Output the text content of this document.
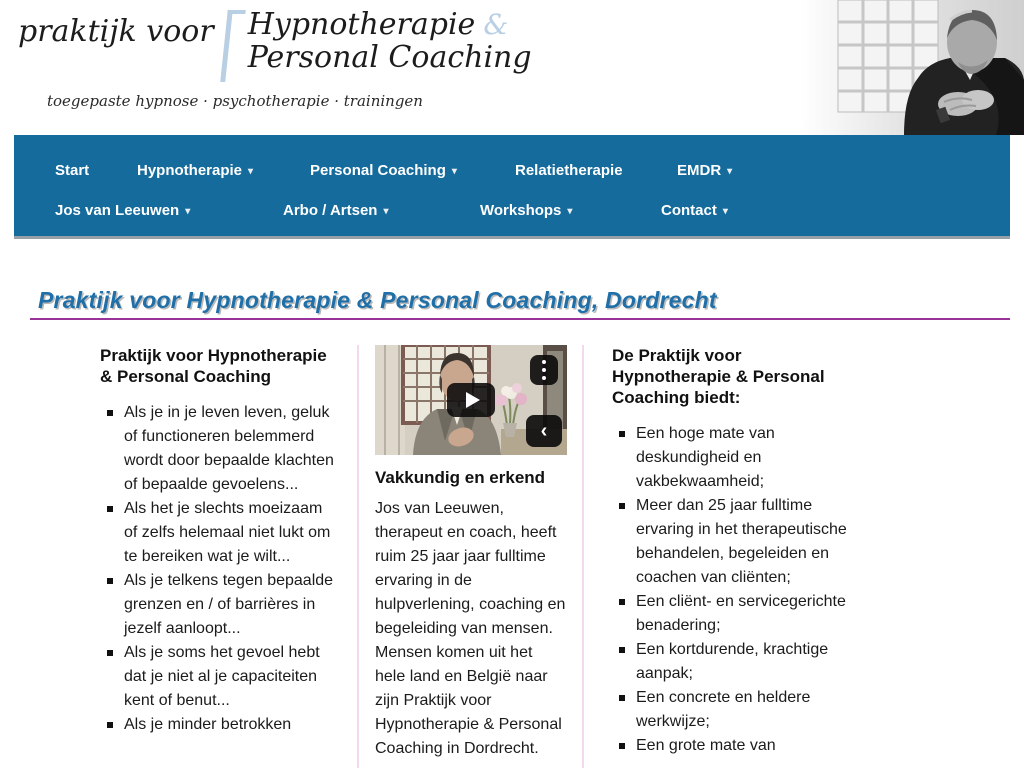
praktijk voor Hypnotherapie &
Personal Coaching
toegepaste hypnose · psychotherapie · trainingen
Start	Hypnotherapie ▾	Personal Coaching ▾	Relatietherapie	EMDR ▾
Jos van Leeuwen ▾	Arbo / Artsen ▾	Workshops ▾	Contact ▾
Praktijk voor Hypnotherapie & Personal Coaching, Dordrecht
Praktijk voor Hypnotherapie & Personal Coaching
Als je in je leven leven, geluk of functioneren belemmerd wordt door bepaalde klachten of bepaalde gevoelens...
Als het je slechts moeizaam of zelfs helemaal niet lukt om te bereiken wat je wilt...
Als je telkens tegen bepaalde grenzen en / of barrières in jezelf aanloopt...
Als je soms het gevoel hebt dat je niet al je capaciteiten kent of benut...
Als je minder betrokken
‹
Vakkundig en erkend

Jos van Leeuwen, therapeut en coach, heeft ruim 25 jaar jaar fulltime ervaring in de hulpverlening, coaching en begeleiding van mensen. Mensen komen uit het hele land en België naar zijn Praktijk voor Hypnotherapie & Personal Coaching in Dordrecht.

De Praktijk voor Hypnotherapie & Personal Coaching biedt:
Een hoge mate van deskundigheid en vakbekwaamheid;
Meer dan 25 jaar fulltime ervaring in het therapeutische behandelen, begeleiden en coachen van cliënten;
Een cliënt- en servicegerichte benadering;
Een kortdurende, krachtige aanpak;
Een concrete en heldere werkwijze;
Een grote mate van
